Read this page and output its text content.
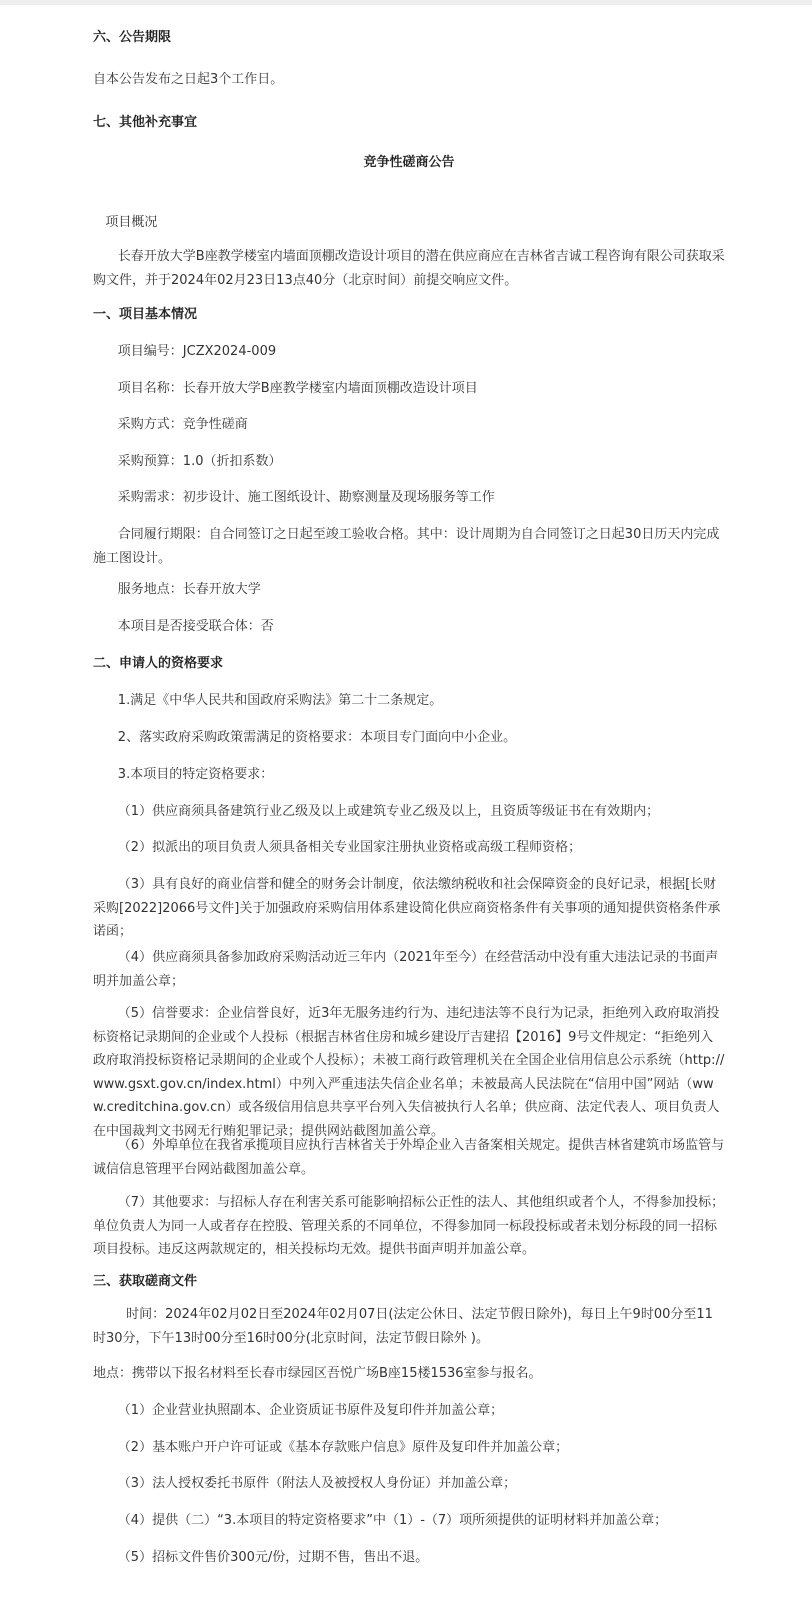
六、公告期限

自本公告发布之日起3个工作日。

七、其他补充事宜

竞争性磋商公告

项目概况

长春开放大学B座教学楼室内墙面顶棚改造设计项目的潜在供应商应在吉林省吉诚工程咨询有限公司获取采购文件，并于2024年02月23日13点40分（北京时间）前提交响应文件。

一、项目基本情况

项目编号：JCZX2024-009

项目名称：长春开放大学B座教学楼室内墙面顶棚改造设计项目

采购方式：竞争性磋商

采购预算：1.0（折扣系数）

采购需求：初步设计、施工图纸设计、勘察测量及现场服务等工作

合同履行期限：自合同签订之日起至竣工验收合格。其中：设计周期为自合同签订之日起30日历天内完成施工图设计。

服务地点：长春开放大学

本项目是否接受联合体：否

二、申请人的资格要求

1.满足《中华人民共和国政府采购法》第二十二条规定。

2、落实政府采购政策需满足的资格要求：本项目专门面向中小企业。

3.本项目的特定资格要求：

（1）供应商须具备建筑行业乙级及以上或建筑专业乙级及以上，且资质等级证书在有效期内；

（2）拟派出的项目负责人须具备相关专业国家注册执业资格或高级工程师资格；

（3）具有良好的商业信誉和健全的财务会计制度，依法缴纳税收和社会保障资金的良好记录，根据[长财采购[2022]2066号文件]关于加强政府采购信用体系建设简化供应商资格条件有关事项的通知提供资格条件承诺函；

（4）供应商须具备参加政府采购活动近三年内（2021年至今）在经营活动中没有重大违法记录的书面声明并加盖公章；

（5）信誉要求：企业信誉良好，近3年无服务违约行为、违纪违法等不良行为记录，拒绝列入政府取消投标资格记录期间的企业或个人投标（根据吉林省住房和城乡建设厅吉建招【2016】9号文件规定：“拒绝列入政府取消投标资格记录期间的企业或个人投标）；未被工商行政管理机关在全国企业信用信息公示系统（http://www.gsxt.gov.cn/index.html）中列入严重违法失信企业名单；未被最高人民法院在“信用中国”网站（www.creditchina.gov.cn）或各级信用信息共享平台列入失信被执行人名单；供应商、法定代表人、项目负责人在中国裁判文书网无行贿犯罪记录；提供网站截图加盖公章。

（6）外埠单位在我省承揽项目应执行吉林省关于外埠企业入吉备案相关规定。提供吉林省建筑市场监管与诚信信息管理平台网站截图加盖公章。

（7）其他要求：与招标人存在利害关系可能影响招标公正性的法人、其他组织或者个人，不得参加投标；单位负责人为同一人或者存在控股、管理关系的不同单位，不得参加同一标段投标或者未划分标段的同一招标项目投标。违反这两款规定的，相关投标均无效。提供书面声明并加盖公章。

三、获取磋商文件

时间：2024年02月02日至2024年02月07日(法定公休日、法定节假日除外)，每日上午9时00分至11时30分，下午13时00分至16时00分(北京时间，法定节假日除外 )。

地点：携带以下报名材料至长春市绿园区吾悦广场B座15楼1536室参与报名。

（1）企业营业执照副本、企业资质证书原件及复印件并加盖公章；

（2）基本账户开户许可证或《基本存款账户信息》原件及复印件并加盖公章；

（3）法人授权委托书原件（附法人及被授权人身份证）并加盖公章；

（4）提供（二）“3.本项目的特定资格要求”中（1）-（7）项所须提供的证明材料并加盖公章；

（5）招标文件售价300元/份，过期不售，售出不退。
